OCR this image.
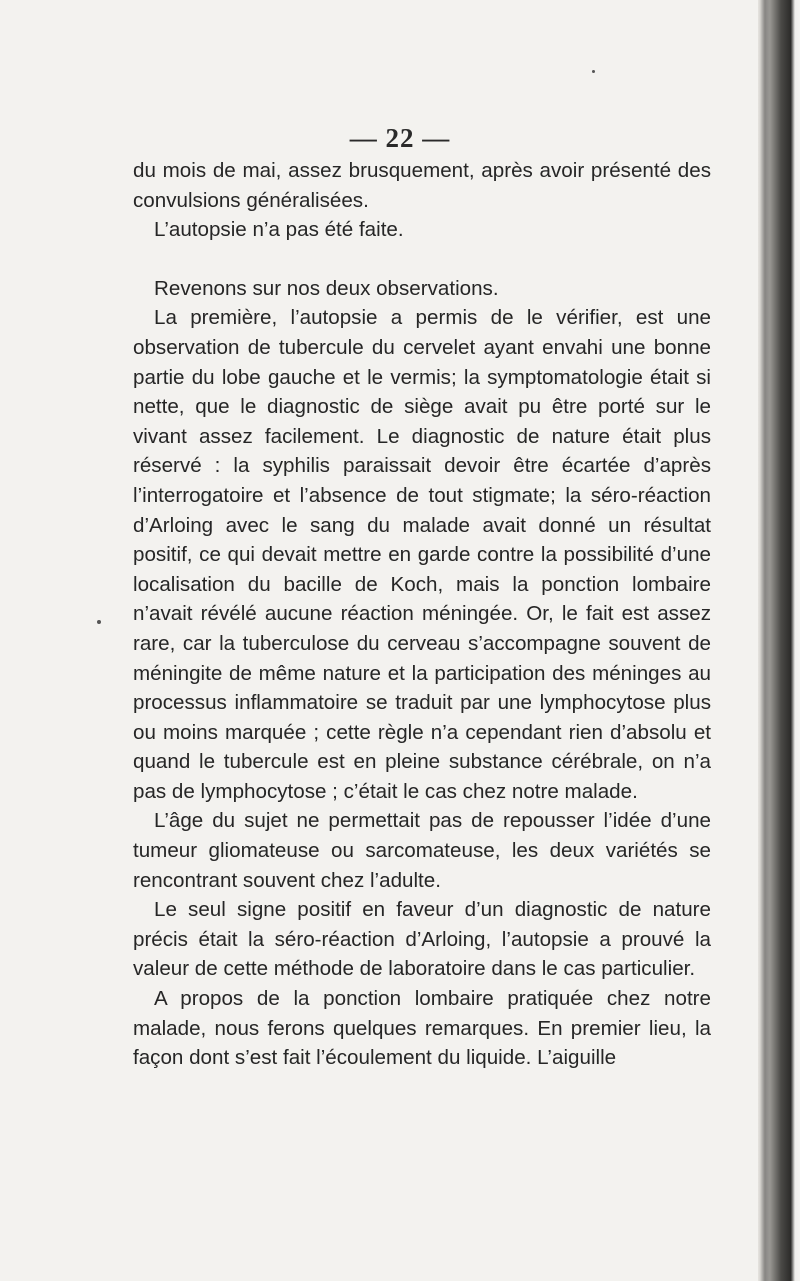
— 22 —

du mois de mai, assez brusquement, après avoir présenté des convulsions généralisées.

L’autopsie n’a pas été faite.

Revenons sur nos deux observations.

La première, l’autopsie a permis de le vérifier, est une observation de tubercule du cervelet ayant envahi une bonne partie du lobe gauche et le vermis; la symptomatologie était si nette, que le diagnostic de siège avait pu être porté sur le vivant assez facilement. Le diagnostic de nature était plus réservé : la syphilis paraissait devoir être écartée d’après l’interrogatoire et l’absence de tout stigmate; la séro-réaction d’Arloing avec le sang du malade avait donné un résultat positif, ce qui devait mettre en garde contre la possibilité d’une localisation du bacille de Koch, mais la ponction lombaire n’avait révélé aucune réaction méningée. Or, le fait est assez rare, car la tuberculose du cerveau s’accompagne souvent de méningite de même nature et la participation des méninges au processus inflammatoire se traduit par une lymphocytose plus ou moins marquée ; cette règle n’a cependant rien d’absolu et quand le tubercule est en pleine substance cérébrale, on n’a pas de lymphocytose ; c’était le cas chez notre malade.

L’âge du sujet ne permettait pas de repousser l’idée d’une tumeur gliomateuse ou sarcomateuse, les deux variétés se rencontrant souvent chez l’adulte.

Le seul signe positif en faveur d’un diagnostic de nature précis était la séro-réaction d’Arloing, l’autopsie a prouvé la valeur de cette méthode de laboratoire dans le cas particulier.

A propos de la ponction lombaire pratiquée chez notre malade, nous ferons quelques remarques. En premier lieu, la façon dont s’est fait l’écoulement du liquide. L’aiguille
